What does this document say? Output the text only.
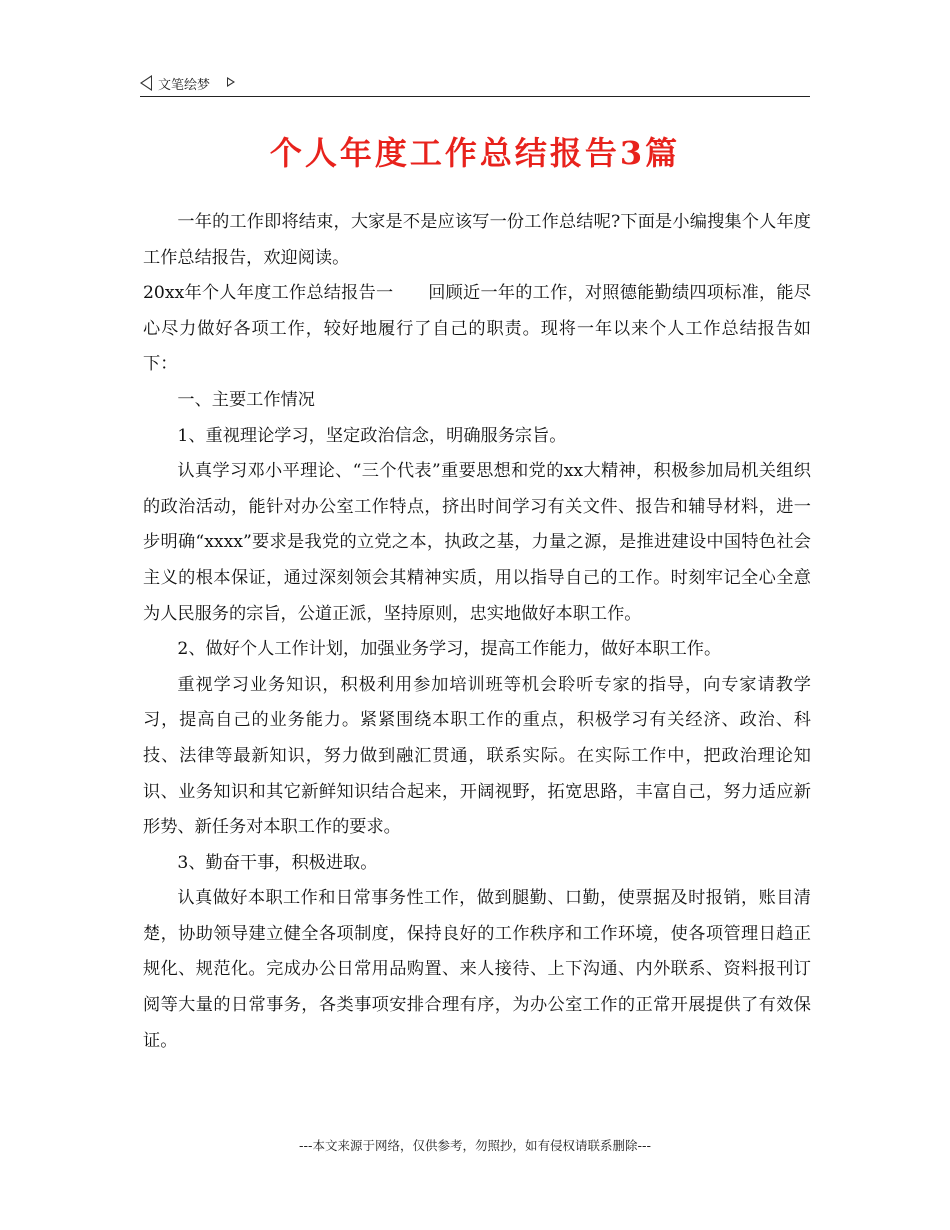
文笔绘梦
个人年度工作总结报告3篇

一年的工作即将结束，大家是不是应该写一份工作总结呢?下面是小编搜集个人年度工作总结报告，欢迎阅读。

20xx年个人年度工作总结报告一　　回顾近一年的工作，对照德能勤绩四项标准，能尽心尽力做好各项工作，较好地履行了自己的职责。现将一年以来个人工作总结报告如下：

一、主要工作情况

1、重视理论学习，坚定政治信念，明确服务宗旨。

认真学习邓小平理论、“三个代表”重要思想和党的xx大精神，积极参加局机关组织的政治活动，能针对办公室工作特点，挤出时间学习有关文件、报告和辅导材料，进一步明确“xxxx”要求是我党的立党之本，执政之基，力量之源，是推进建设中国特色社会主义的根本保证，通过深刻领会其精神实质，用以指导自己的工作。时刻牢记全心全意为人民服务的宗旨，公道正派，坚持原则，忠实地做好本职工作。

2、做好个人工作计划，加强业务学习，提高工作能力，做好本职工作。

重视学习业务知识，积极利用参加培训班等机会聆听专家的指导，向专家请教学习，提高自己的业务能力。紧紧围绕本职工作的重点，积极学习有关经济、政治、科技、法律等最新知识，努力做到融汇贯通，联系实际。在实际工作中，把政治理论知识、业务知识和其它新鲜知识结合起来，开阔视野，拓宽思路，丰富自己，努力适应新形势、新任务对本职工作的要求。

3、勤奋干事，积极进取。

认真做好本职工作和日常事务性工作，做到腿勤、口勤，使票据及时报销，账目清楚，协助领导建立健全各项制度，保持良好的工作秩序和工作环境，使各项管理日趋正规化、规范化。完成办公日常用品购置、来人接待、上下沟通、内外联系、资料报刊订阅等大量的日常事务，各类事项安排合理有序，为办公室工作的正常开展提供了有效保证。

---本文来源于网络，仅供参考，勿照抄，如有侵权请联系删除---
